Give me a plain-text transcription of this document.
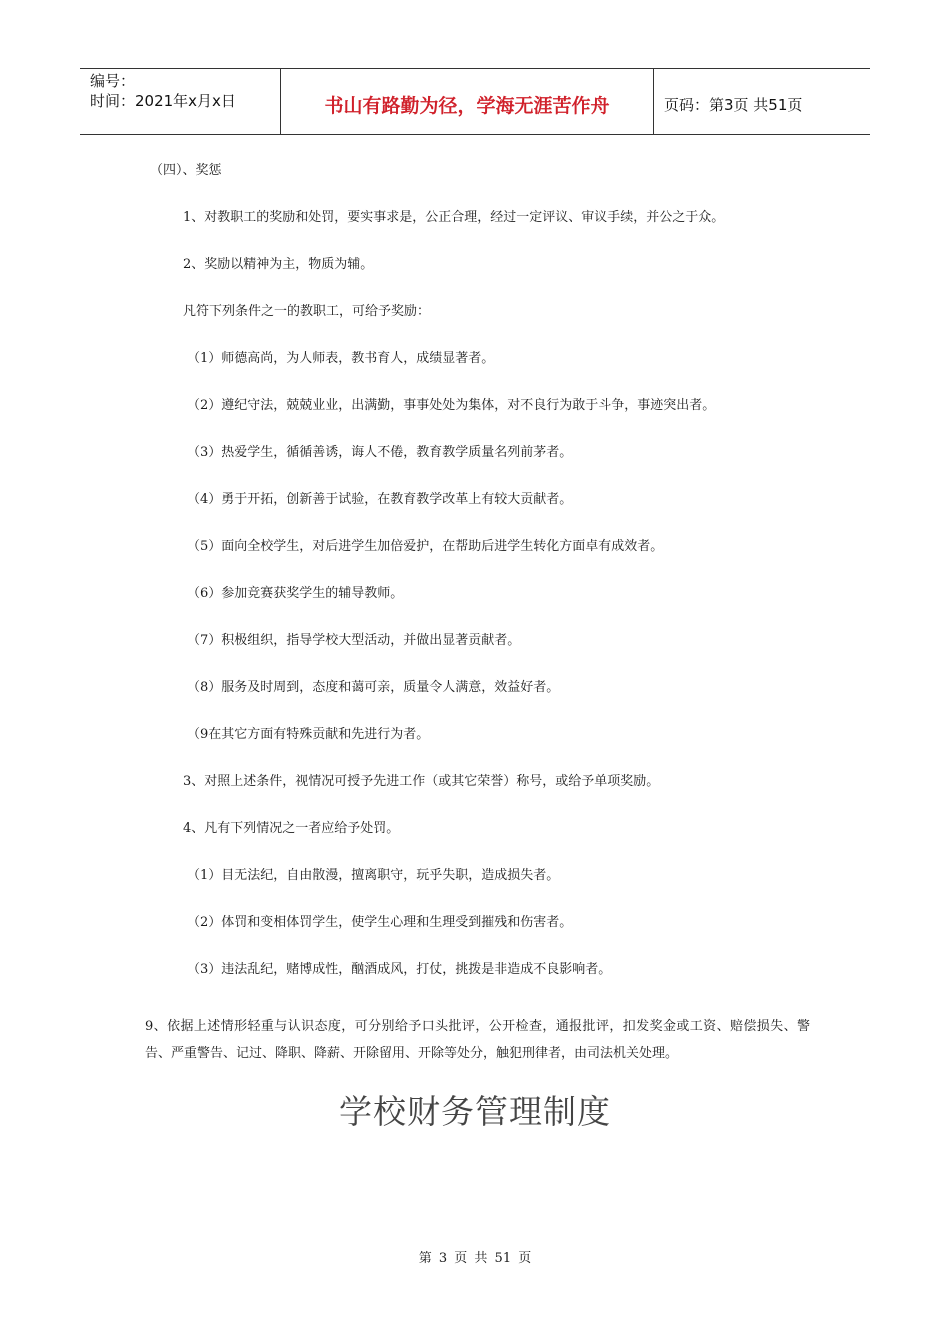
编号：
时间：2021年x月x日	书山有路勤为径，学海无涯苦作舟	页码：第3页 共51页
（四）、奖惩
1、对教职工的奖励和处罚，要实事求是，公正合理，经过一定评议、审议手续，并公之于众。
2、奖励以精神为主，物质为辅。
凡符下列条件之一的教职工，可给予奖励：
（1）师德高尚，为人师表，教书育人，成绩显著者。
（2）遵纪守法，兢兢业业，出满勤，事事处处为集体，对不良行为敢于斗争，事迹突出者。
（3）热爱学生，循循善诱，诲人不倦，教育教学质量名列前茅者。
（4）勇于开拓，创新善于试验，在教育教学改革上有较大贡献者。
（5）面向全校学生，对后进学生加倍爱护，在帮助后进学生转化方面卓有成效者。
（6）参加竞赛获奖学生的辅导教师。
（7）积极组织，指导学校大型活动，并做出显著贡献者。
（8）服务及时周到，态度和蔼可亲，质量令人满意，效益好者。
（9在其它方面有特殊贡献和先进行为者。
3、对照上述条件，视情况可授予先进工作（或其它荣誉）称号，或给予单项奖励。
4、凡有下列情况之一者应给予处罚。
（1）目无法纪，自由散漫，擅离职守，玩乎失职，造成损失者。
（2）体罚和变相体罚学生，使学生心理和生理受到摧残和伤害者。
（3）违法乱纪，赌博成性，酗酒成风，打仗，挑拨是非造成不良影响者。
9、依据上述情形轻重与认识态度，可分别给予口头批评，公开检查，通报批评，扣发奖金或工资、赔偿损失、警告、严重警告、记过、降职、降薪、开除留用、开除等处分，触犯刑律者，由司法机关处理。
学校财务管理制度
第 3 页 共 51 页
